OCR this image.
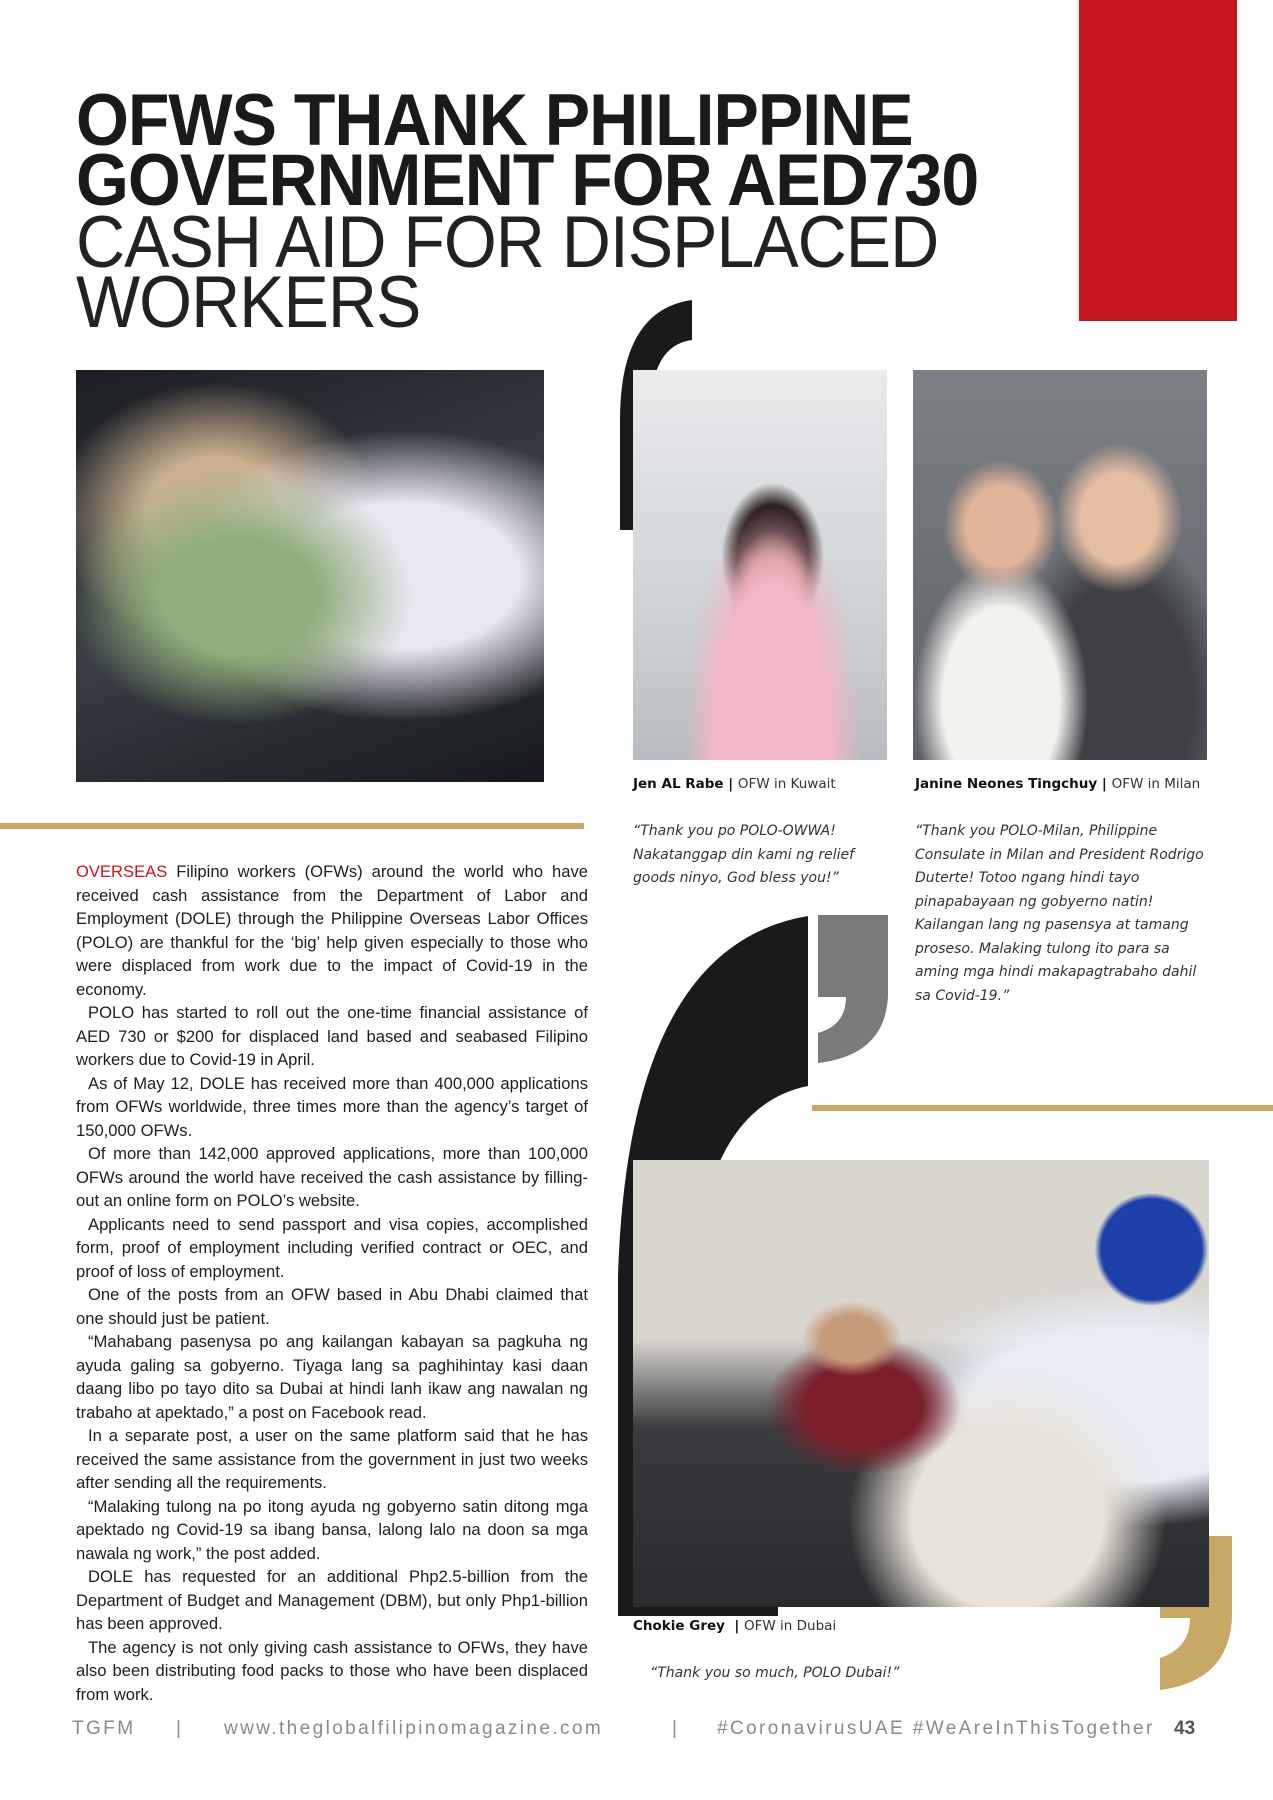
OFWS THANK PHILIPPINE
GOVERNMENT FOR AED730
CASH AID FOR DISPLACED
WORKERS

OVERSEAS Filipino workers (OFWs) around the world who have received cash assistance from the Department of Labor and Employment (DOLE) through the Philippine Overseas Labor Offices (POLO) are thankful for the ‘big’ help given especially to those who were displaced from work due to the impact of Covid-19 in the economy.

POLO has started to roll out the one-time financial assistance of AED 730 or $200 for displaced land based and seabased Filipino workers due to Covid-19 in April.

As of May 12, DOLE has received more than 400,000 applications from OFWs worldwide, three times more than the agency’s target of 150,000 OFWs.

Of more than 142,000 approved applications, more than 100,000 OFWs around the world have received the cash assistance by filling-out an online form on POLO’s website.

Applicants need to send passport and visa copies, accomplished form, proof of employment including verified contract or OEC, and proof of loss of employment.

One of the posts from an OFW based in Abu Dhabi claimed that one should just be patient.

“Mahabang pasenysa po ang kailangan kabayan sa pagkuha ng ayuda galing sa gobyerno. Tiyaga lang sa paghihintay kasi daan daang libo po tayo dito sa Dubai at hindi lanh ikaw ang nawalan ng trabaho at apektado,” a post on Facebook read.

In a separate post, a user on the same platform said that he has received the same assistance from the government in just two weeks after sending all the requirements.

“Malaking tulong na po itong ayuda ng gobyerno satin ditong mga apektado ng Covid-19 sa ibang bansa, lalong lalo na doon sa mga nawala ng work,” the post added.

DOLE has requested for an additional Php2.5-billion from the Department of Budget and Management (DBM), but only Php1-billion has been approved.

The agency is not only giving cash assistance to OFWs, they have also been distributing food packs to those who have been displaced from work.

Jen AL Rabe | OFW in Kuwait
“Thank you po POLO-OWWA! Nakatanggap din kami ng relief goods ninyo, God bless you!”
Janine Neones Tingchuy | OFW in Milan
“Thank you POLO-Milan, Philippine Consulate in Milan and President Rodrigo Duterte! Totoo ngang hindi tayo pinapabayaan ng gobyerno natin! Kailangan lang ng pasensya at tamang proseso. Malaking tulong ito para sa aming mga hindi makapagtrabaho dahil sa Covid-19.”
Chokie Grey  | OFW in Dubai
“Thank you so much, POLO Dubai!”
TGFM | www.theglobalfilipinomagazine.com	| #CoronavirusUAE #WeAreInThisTogether 43
